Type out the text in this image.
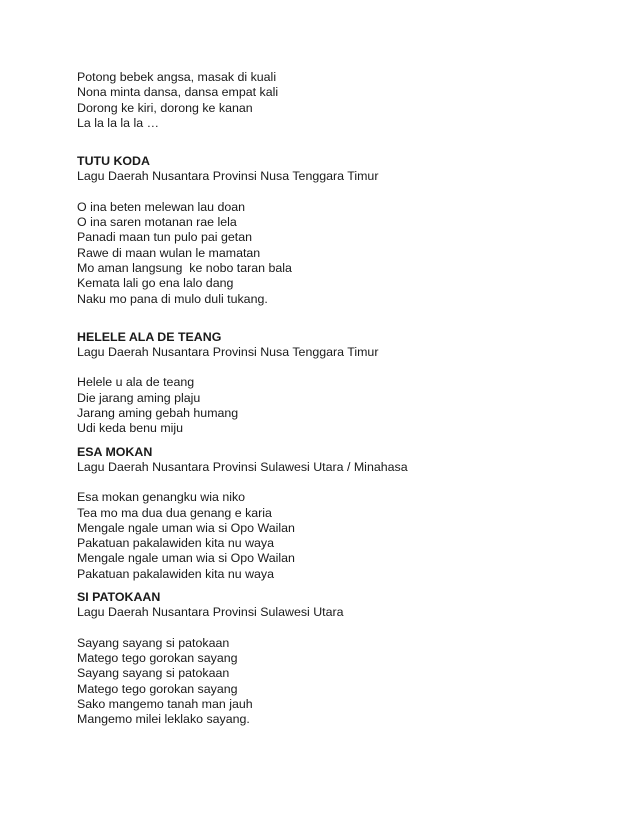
Potong bebek angsa, masak di kuali
Nona minta dansa, dansa empat kali
Dorong ke kiri, dorong ke kanan
La la la la la …
TUTU KODA
Lagu Daerah Nusantara Provinsi Nusa Tenggara Timur
O ina beten melewan lau doan
O ina saren motanan rae lela
Panadi maan tun pulo pai getan
Rawe di maan wulan le mamatan
Mo aman langsung  ke nobo taran bala
Kemata lali go ena lalo dang
Naku mo pana di mulo duli tukang.
HELELE ALA DE TEANG
Lagu Daerah Nusantara Provinsi Nusa Tenggara Timur
Helele u ala de teang
Die jarang aming plaju
Jarang aming gebah humang
Udi keda benu miju
ESA MOKAN
Lagu Daerah Nusantara Provinsi Sulawesi Utara / Minahasa
Esa mokan genangku wia niko
Tea mo ma dua dua genang e karia
Mengale ngale uman wia si Opo Wailan
Pakatuan pakalawiden kita nu waya
Mengale ngale uman wia si Opo Wailan
Pakatuan pakalawiden kita nu waya
SI PATOKAAN
Lagu Daerah Nusantara Provinsi Sulawesi Utara
Sayang sayang si patokaan
Matego tego gorokan sayang
Sayang sayang si patokaan
Matego tego gorokan sayang
Sako mangemo tanah man jauh
Mangemo milei leklako sayang.
